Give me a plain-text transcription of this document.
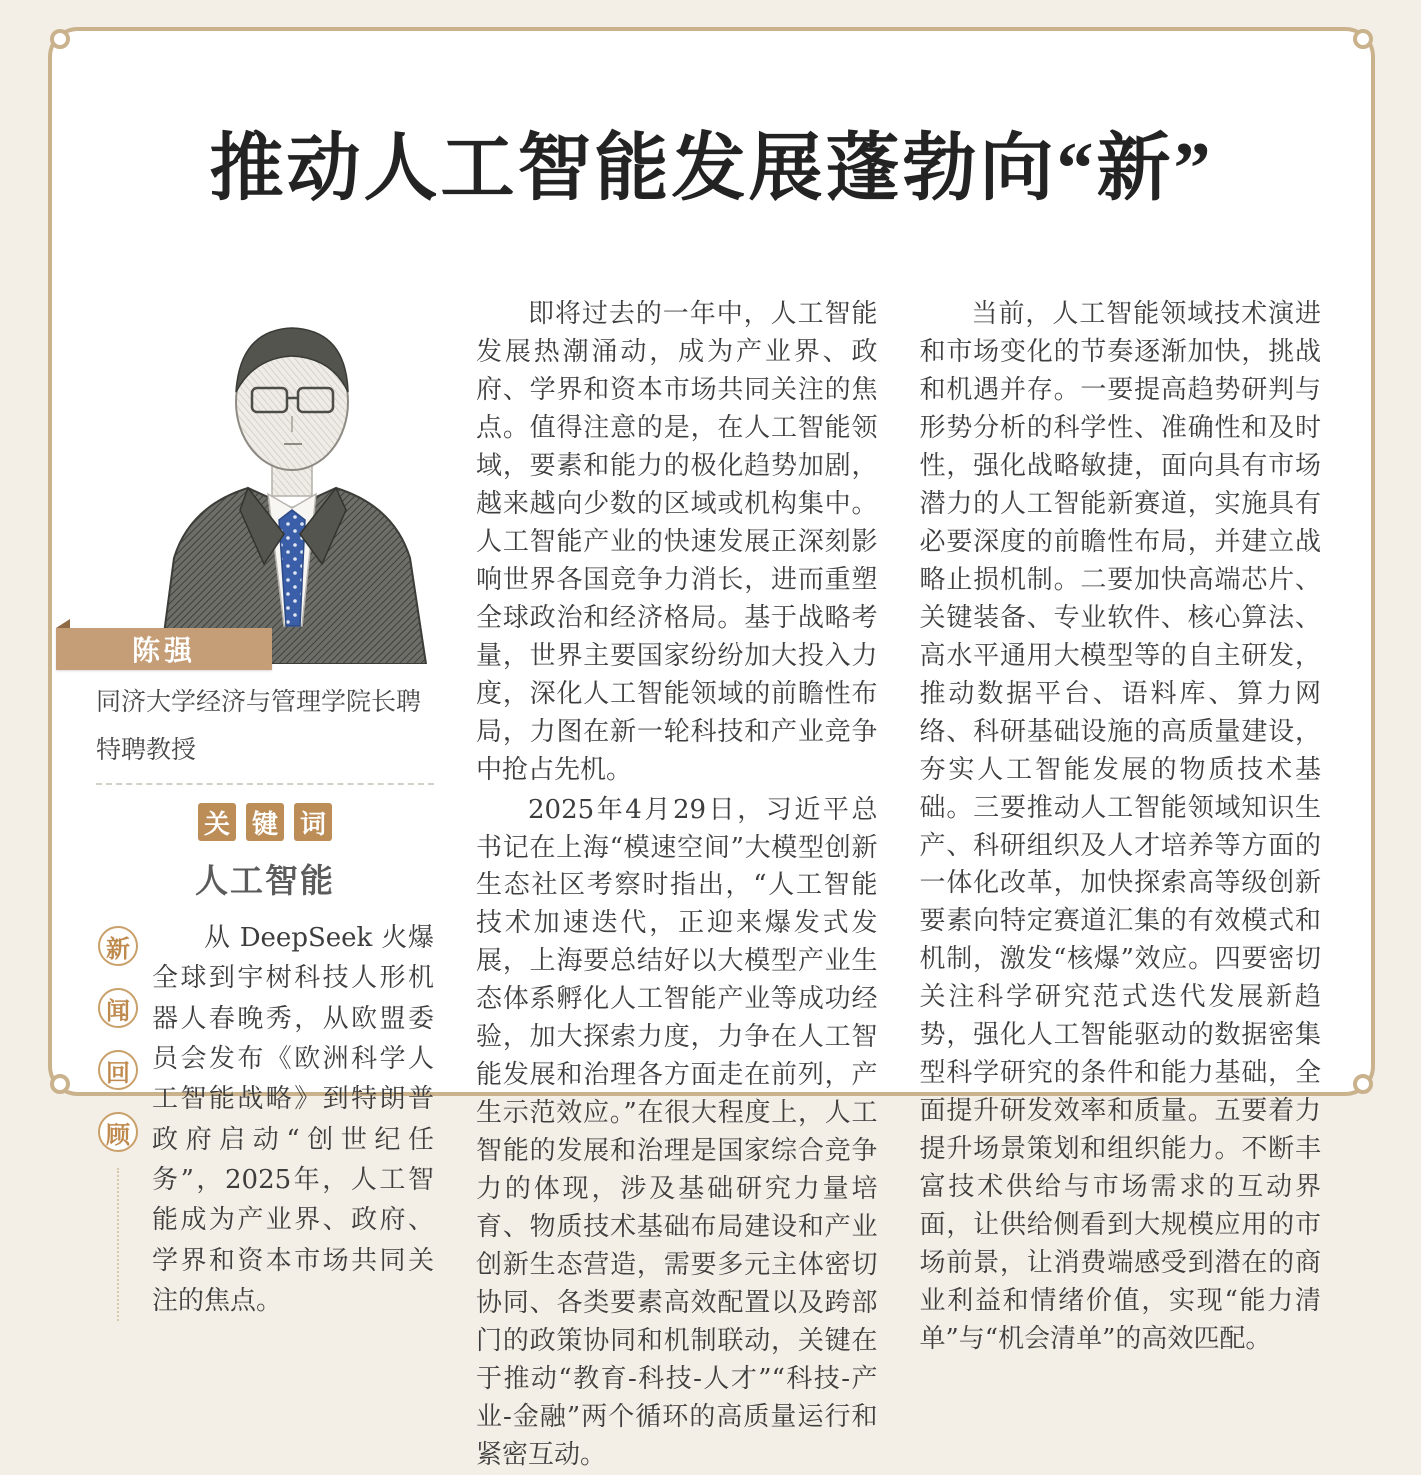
推动人工智能发展蓬勃向“新”
陈强

同济大学经济与管理学院长聘特聘教授

关 键 词
人工智能
新
闻
回
顾

从 DeepSeek 火爆全球到宇树科技人形机器人春晚秀，从欧盟委员会发布《欧洲科学人工智能战略》到特朗普政府启动“创世纪任务”，2025年，人工智能成为产业界、政府、学界和资本市场共同关注的焦点。

即将过去的一年中，人工智能发展热潮涌动，成为产业界、政府、学界和资本市场共同关注的焦点。值得注意的是，在人工智能领域，要素和能力的极化趋势加剧，越来越向少数的区域或机构集中。人工智能产业的快速发展正深刻影响世界各国竞争力消长，进而重塑全球政治和经济格局。基于战略考量，世界主要国家纷纷加大投入力度，深化人工智能领域的前瞻性布局，力图在新一轮科技和产业竞争中抢占先机。

2025年4月29日，习近平总书记在上海“模速空间”大模型创新生态社区考察时指出，“人工智能技术加速迭代，正迎来爆发式发展，上海要总结好以大模型产业生态体系孵化人工智能产业等成功经验，加大探索力度，力争在人工智能发展和治理各方面走在前列，产生示范效应。”在很大程度上，人工智能的发展和治理是国家综合竞争力的体现，涉及基础研究力量培育、物质技术基础布局建设和产业创新生态营造，需要多元主体密切协同、各类要素高效配置以及跨部门的政策协同和机制联动，关键在于推动“教育-科技-人才”“科技-产业-金融”两个循环的高质量运行和紧密互动。

当前，人工智能领域技术演进和市场变化的节奏逐渐加快，挑战和机遇并存。一要提高趋势研判与形势分析的科学性、准确性和及时性，强化战略敏捷，面向具有市场潜力的人工智能新赛道，实施具有必要深度的前瞻性布局，并建立战略止损机制。二要加快高端芯片、关键装备、专业软件、核心算法、高水平通用大模型等的自主研发，推动数据平台、语料库、算力网络、科研基础设施的高质量建设，夯实人工智能发展的物质技术基础。三要推动人工智能领域知识生产、科研组织及人才培养等方面的一体化改革，加快探索高等级创新要素向特定赛道汇集的有效模式和机制，激发“核爆”效应。四要密切关注科学研究范式迭代发展新趋势，强化人工智能驱动的数据密集型科学研究的条件和能力基础，全面提升研发效率和质量。五要着力提升场景策划和组织能力。不断丰富技术供给与市场需求的互动界面，让供给侧看到大规模应用的市场前景，让消费端感受到潜在的商业利益和情绪价值，实现“能力清单”与“机会清单”的高效匹配。
